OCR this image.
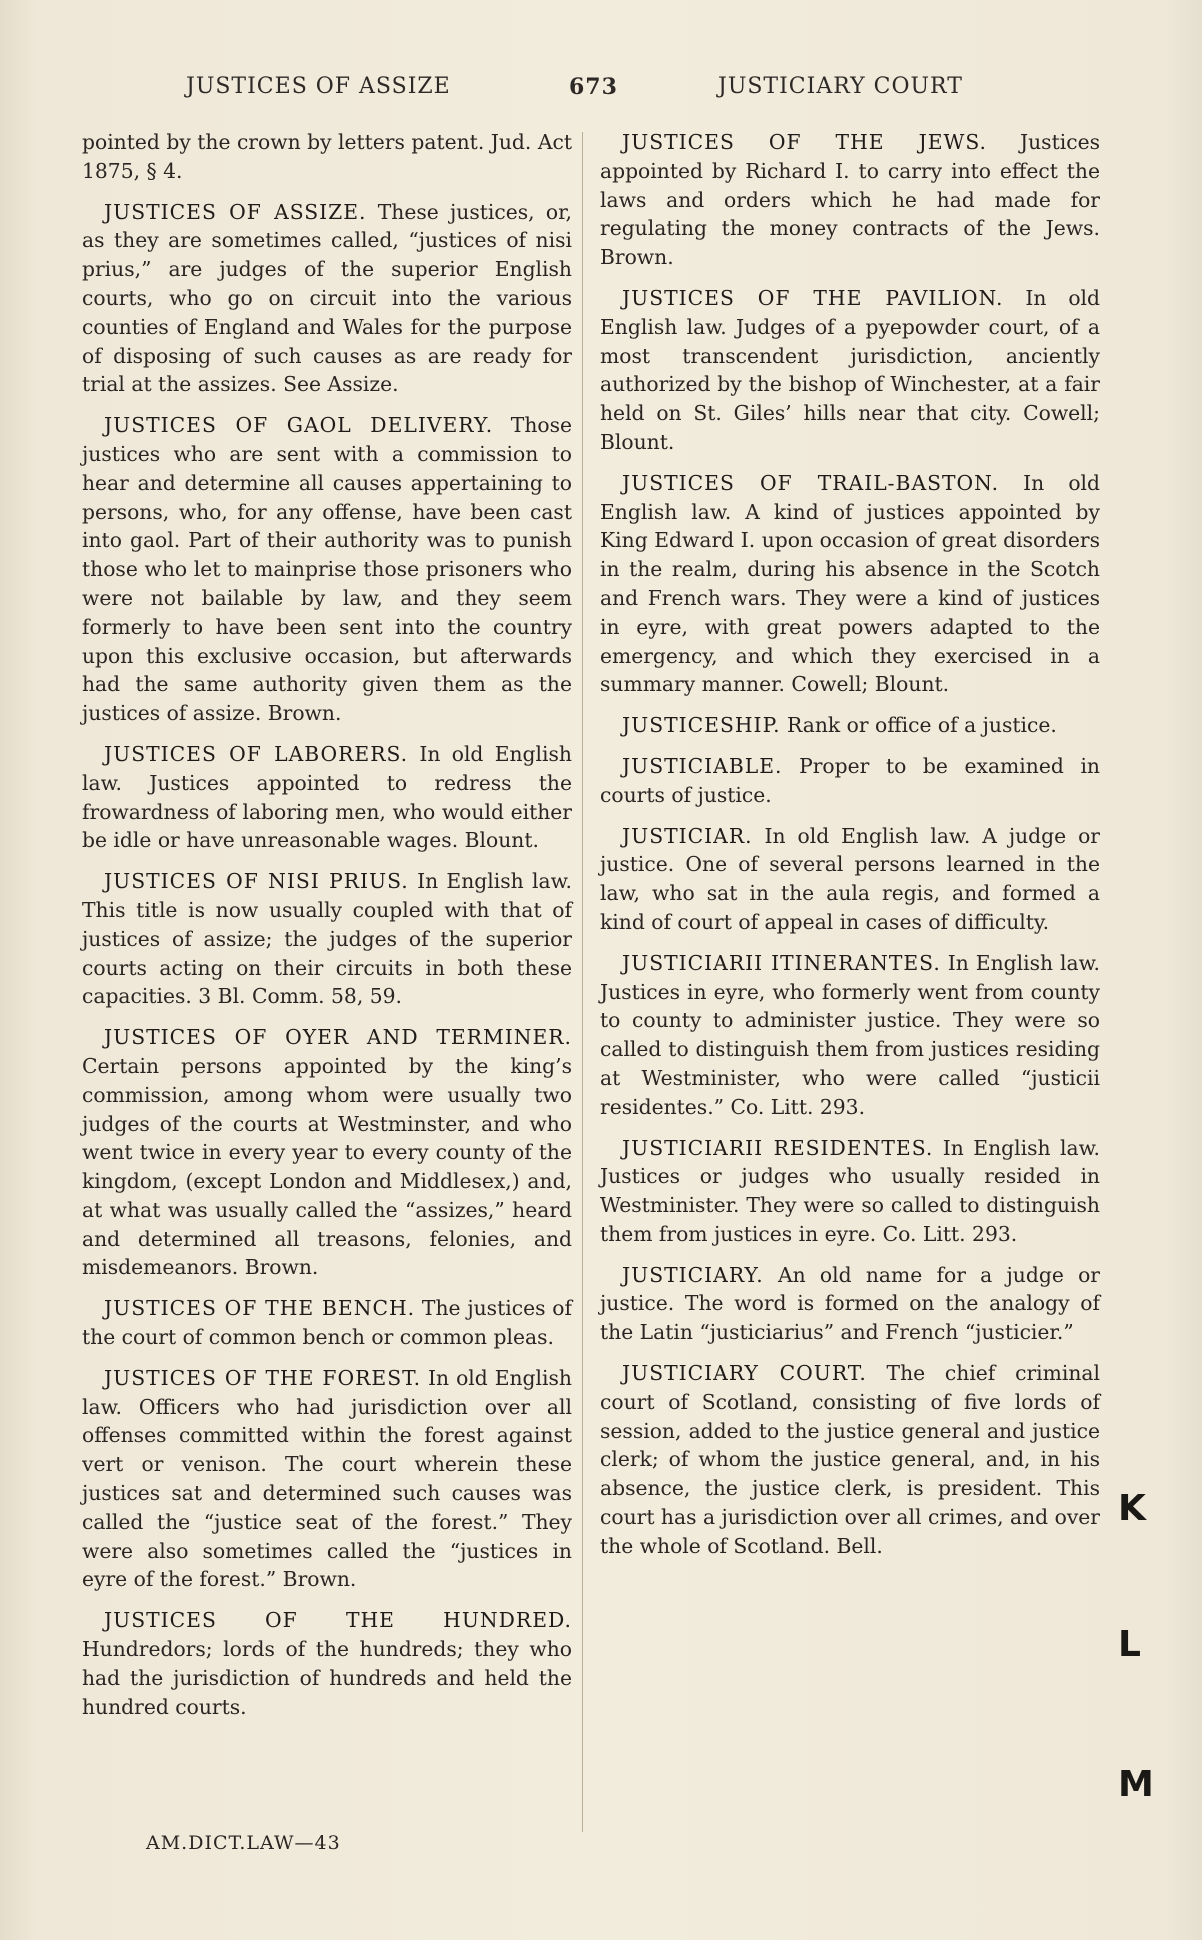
JUSTICES OF ASSIZE	673	JUSTICIARY COURT

pointed by the crown by letters patent. Jud. Act 1875, § 4.

JUSTICES OF ASSIZE. These justices, or, as they are sometimes called, “justices of nisi prius,” are judges of the superior English courts, who go on circuit into the various counties of England and Wales for the purpose of disposing of such causes as are ready for trial at the assizes. See Assize.

JUSTICES OF GAOL DELIVERY. Those justices who are sent with a commission to hear and determine all causes appertaining to persons, who, for any offense, have been cast into gaol. Part of their authority was to punish those who let to mainprise those prisoners who were not bailable by law, and they seem formerly to have been sent into the country upon this exclusive occasion, but afterwards had the same authority given them as the justices of assize. Brown.

JUSTICES OF LABORERS. In old English law. Justices appointed to redress the frowardness of laboring men, who would either be idle or have unreasonable wages. Blount.

JUSTICES OF NISI PRIUS. In English law. This title is now usually coupled with that of justices of assize; the judges of the superior courts acting on their circuits in both these capacities. 3 Bl. Comm. 58, 59.

JUSTICES OF OYER AND TERMINER. Certain persons appointed by the king’s commission, among whom were usually two judges of the courts at Westminster, and who went twice in every year to every county of the kingdom, (except London and Middlesex,) and, at what was usually called the “assizes,” heard and determined all treasons, felonies, and misdemeanors. Brown.

JUSTICES OF THE BENCH. The justices of the court of common bench or common pleas.

JUSTICES OF THE FOREST. In old English law. Officers who had jurisdiction over all offenses committed within the forest against vert or venison. The court wherein these justices sat and determined such causes was called the “justice seat of the forest.” They were also sometimes called the “justices in eyre of the forest.” Brown.

JUSTICES OF THE HUNDRED. Hundredors; lords of the hundreds; they who had the jurisdiction of hundreds and held the hundred courts.

JUSTICES OF THE JEWS. Justices appointed by Richard I. to carry into effect the laws and orders which he had made for regulating the money contracts of the Jews. Brown.

JUSTICES OF THE PAVILION. In old English law. Judges of a pyepowder court, of a most transcendent jurisdiction, anciently authorized by the bishop of Winchester, at a fair held on St. Giles’ hills near that city. Cowell; Blount.

JUSTICES OF TRAIL-BASTON. In old English law. A kind of justices appointed by King Edward I. upon occasion of great disorders in the realm, during his absence in the Scotch and French wars. They were a kind of justices in eyre, with great powers adapted to the emergency, and which they exercised in a summary manner. Cowell; Blount.

JUSTICESHIP. Rank or office of a justice.

JUSTICIABLE. Proper to be examined in courts of justice.

JUSTICIAR. In old English law. A judge or justice. One of several persons learned in the law, who sat in the aula regis, and formed a kind of court of appeal in cases of difficulty.

JUSTICIARII ITINERANTES. In English law. Justices in eyre, who formerly went from county to county to administer justice. They were so called to distinguish them from justices residing at Westminister, who were called “justicii residentes.” Co. Litt. 293.

JUSTICIARII RESIDENTES. In English law. Justices or judges who usually resided in Westminister. They were so called to distinguish them from justices in eyre. Co. Litt. 293.

JUSTICIARY. An old name for a judge or justice. The word is formed on the analogy of the Latin “justiciarius” and French “justicier.”

JUSTICIARY COURT. The chief criminal court of Scotland, consisting of five lords of session, added to the justice general and justice clerk; of whom the justice general, and, in his absence, the justice clerk, is president. This court has a jurisdiction over all crimes, and over the whole of Scotland. Bell.

AM.DICT.LAW—43
K
L
M
